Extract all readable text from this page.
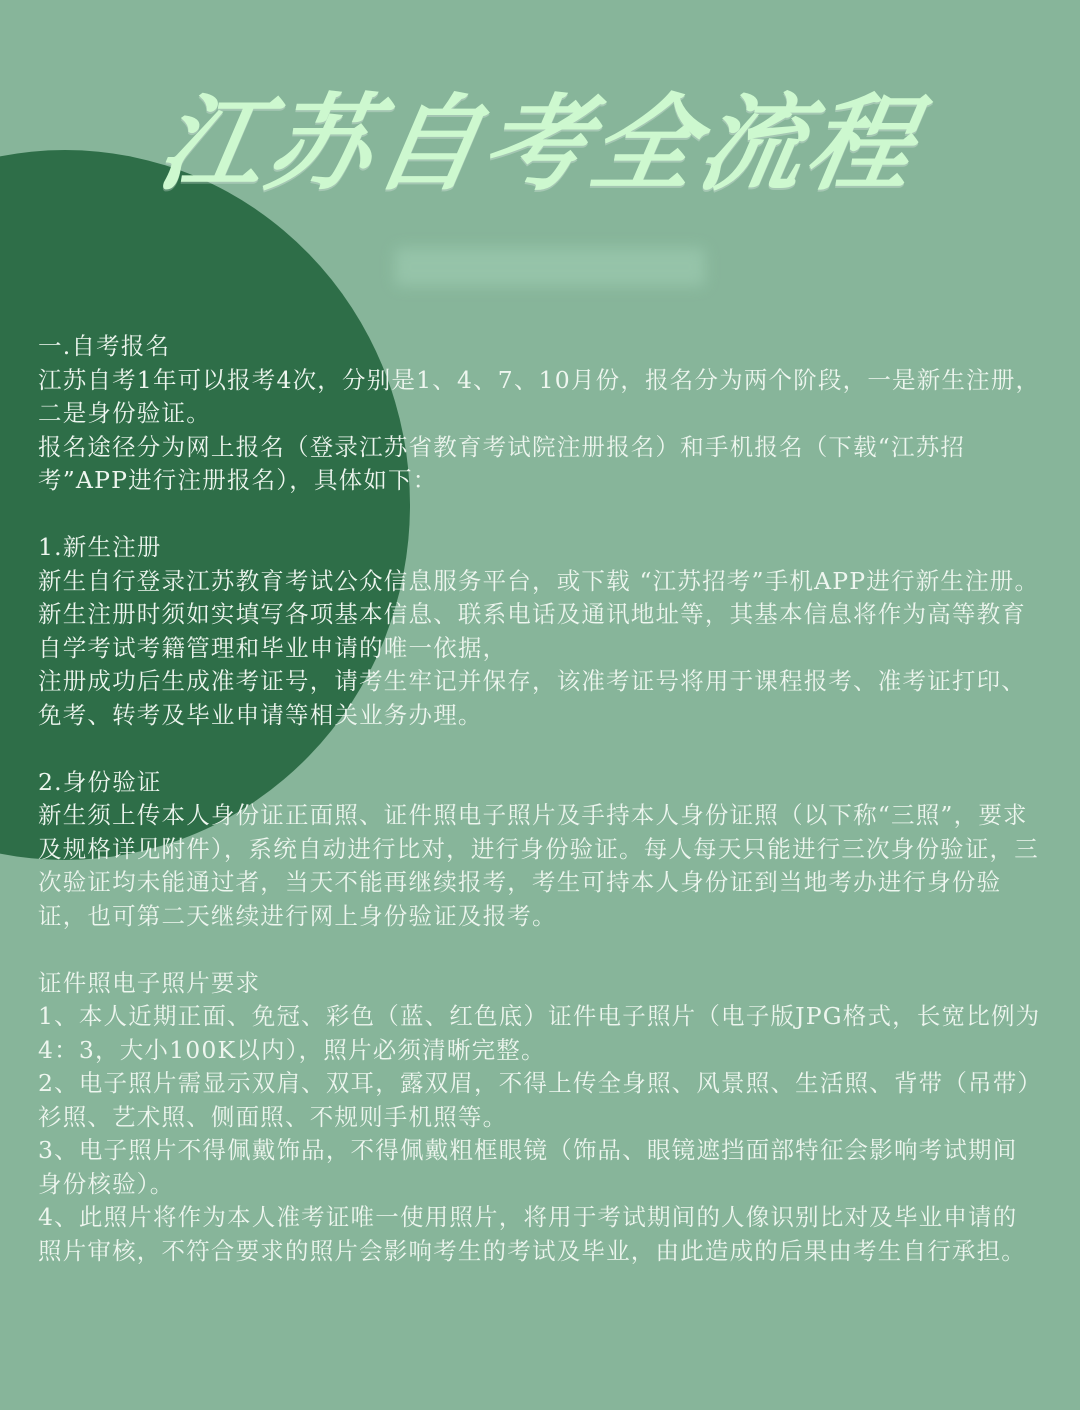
江苏自考全流程

一.自考报名

江苏自考1年可以报考4次，分别是1、4、7、10月份，报名分为两个阶段，一是新生注册，二是身份验证。

报名途径分为网上报名（登录江苏省教育考试院注册报名）和手机报名（下载“江苏招考”APP进行注册报名），具体如下：

1.新生注册

新生自行登录江苏教育考试公众信息服务平台，或下载 “江苏招考”手机APP进行新生注册。

新生注册时须如实填写各项基本信息、联系电话及通讯地址等，其基本信息将作为高等教育自学考试考籍管理和毕业申请的唯一依据，

注册成功后生成准考证号，请考生牢记并保存，该准考证号将用于课程报考、准考证打印、免考、转考及毕业申请等相关业务办理。

2.身份验证

新生须上传本人身份证正面照、证件照电子照片及手持本人身份证照（以下称“三照”，要求及规格详见附件），系统自动进行比对，进行身份验证。每人每天只能进行三次身份验证，三次验证均未能通过者，当天不能再继续报考，考生可持本人身份证到当地考办进行身份验证，也可第二天继续进行网上身份验证及报考。

证件照电子照片要求

1、本人近期正面、免冠、彩色（蓝、红色底）证件电子照片（电子版JPG格式，长宽比例为4：3，大小100K以内），照片必须清晰完整。

2、电子照片需显示双肩、双耳，露双眉，不得上传全身照、风景照、生活照、背带（吊带）衫照、艺术照、侧面照、不规则手机照等。

3、电子照片不得佩戴饰品，不得佩戴粗框眼镜（饰品、眼镜遮挡面部特征会影响考试期间身份核验）。

4、此照片将作为本人准考证唯一使用照片，将用于考试期间的人像识别比对及毕业申请的照片审核，不符合要求的照片会影响考生的考试及毕业，由此造成的后果由考生自行承担。
